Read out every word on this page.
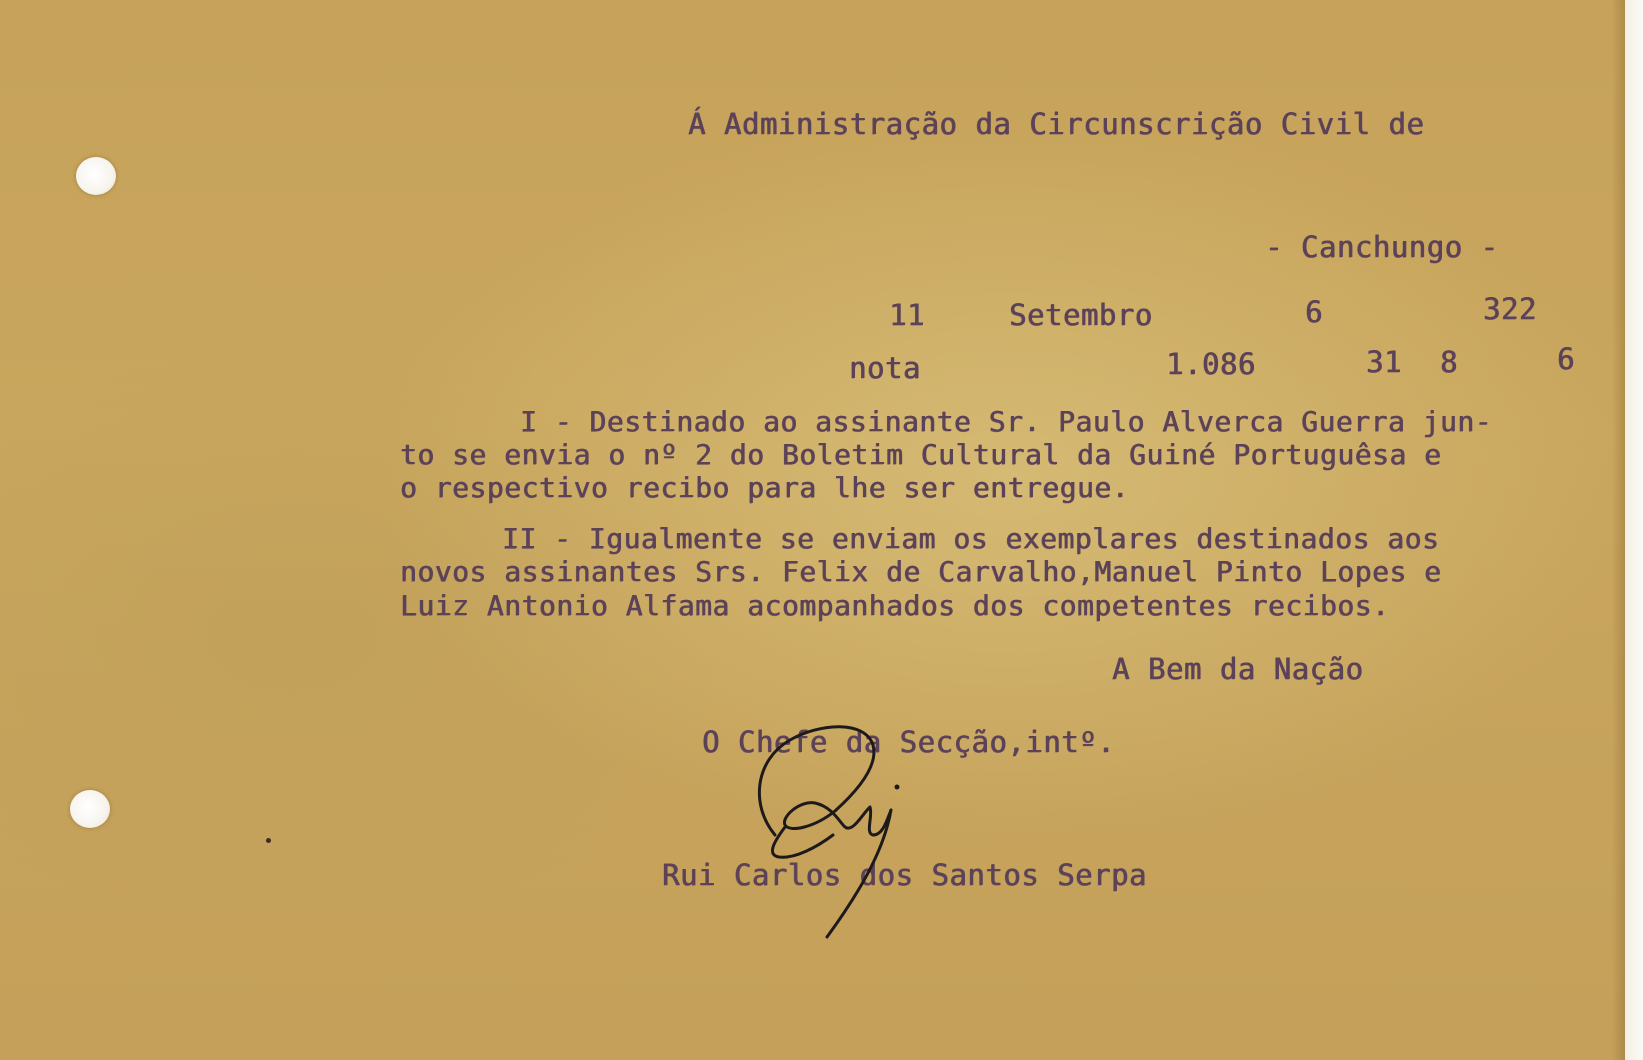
Á Administração da Circunscrição Civil de

- Canchungo -

11	Setembro	6	322

nota	1.086	31 8	6

I - Destinado ao assinante Sr. Paulo Alverca Guerra jun-

to se envia o nº 2 do Boletim Cultural da Guiné Portuguêsa e

o respectivo recibo para lhe ser entregue.

II - Igualmente se enviam os exemplares destinados aos

novos assinantes Srs. Felix de Carvalho,Manuel Pinto Lopes e

Luiz Antonio Alfama acompanhados dos competentes recibos.

A Bem da Nação

O Chefe da Secção,intº.

Rui Carlos dos Santos Serpa
